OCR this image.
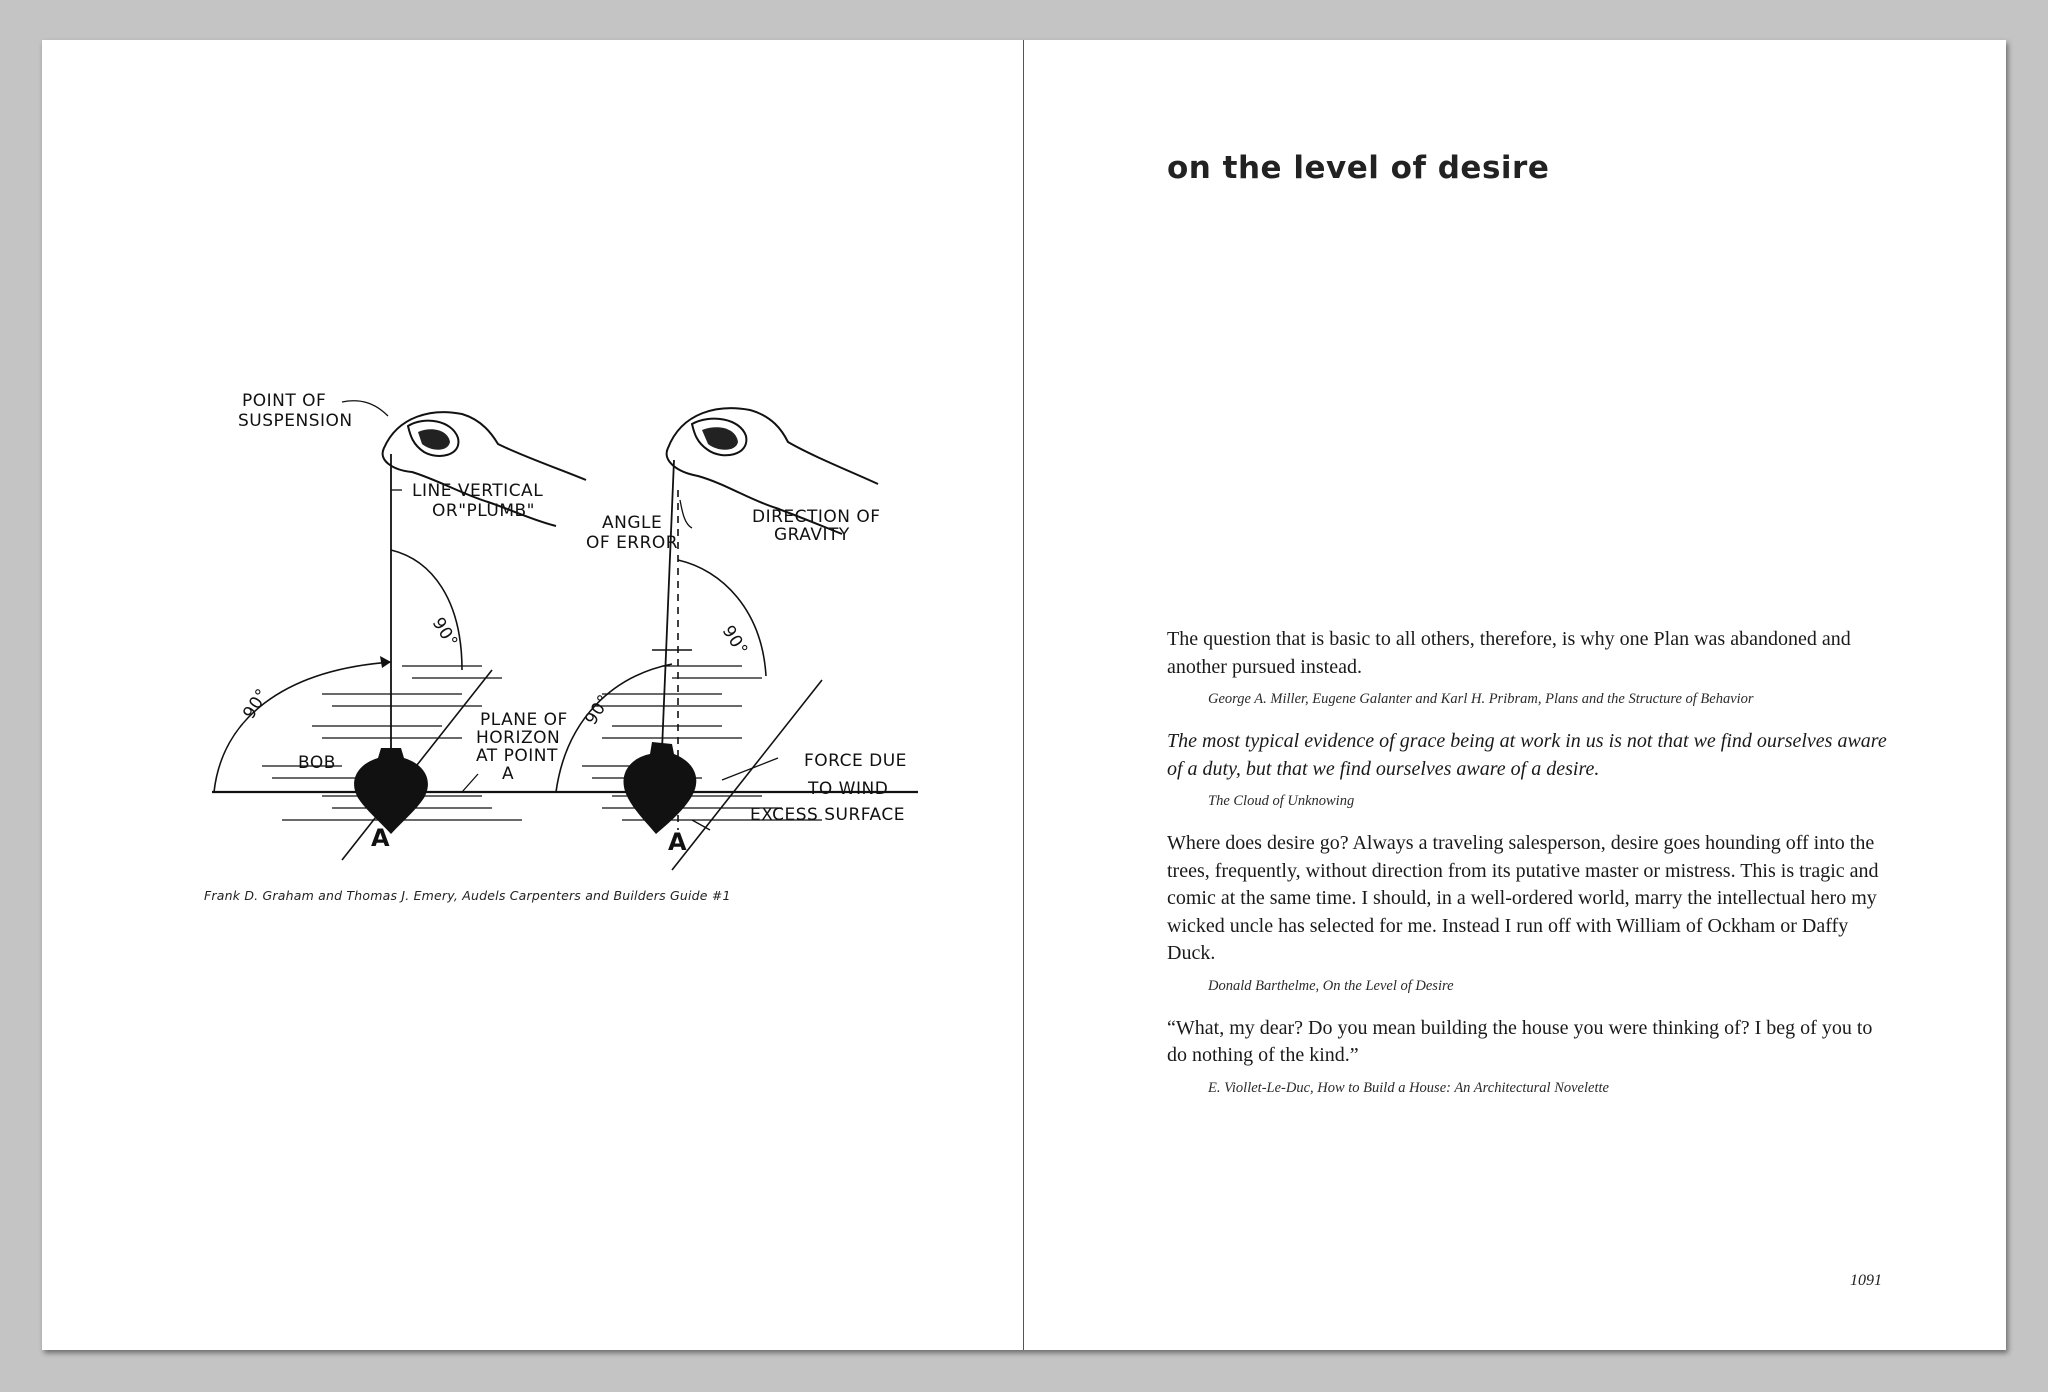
POINT OF
SUSPENSION
LINE VERTICAL
OR"PLUMB"
ANGLE
OF ERROR
DIRECTION OF
GRAVITY
PLANE OF
HORIZON
AT POINT
A
BOB	FORCE DUE
TO WIND
EXCESS SURFACE
90°
90°
90°
90°
A	A
Frank D. Graham and Thomas J. Emery, Audels Carpenters and Builders Guide #1
on the level of desire

The question that is basic to all others, therefore, is why one Plan was abandoned and another pursued instead.

George A. Miller, Eugene Galanter and Karl H. Pribram, Plans and the Structure of Behavior

The most typical evidence of grace being at work in us is not that we find ourselves aware of a duty, but that we find ourselves aware of a desire.

The Cloud of Unknowing

Where does desire go? Always a traveling salesperson, desire goes hounding off into the trees, frequently, without direction from its putative master or mistress. This is tragic and comic at the same time. I should, in a well-ordered world, marry the intellectual hero my wicked uncle has selected for me. Instead I run off with William of Ockham or Daffy Duck.

Donald Barthelme, On the Level of Desire

“What, my dear? Do you mean building the house you were thinking of? I beg of you to do nothing of the kind.”

E. Viollet-Le-Duc, How to Build a House: An Architectural Novelette

1091
